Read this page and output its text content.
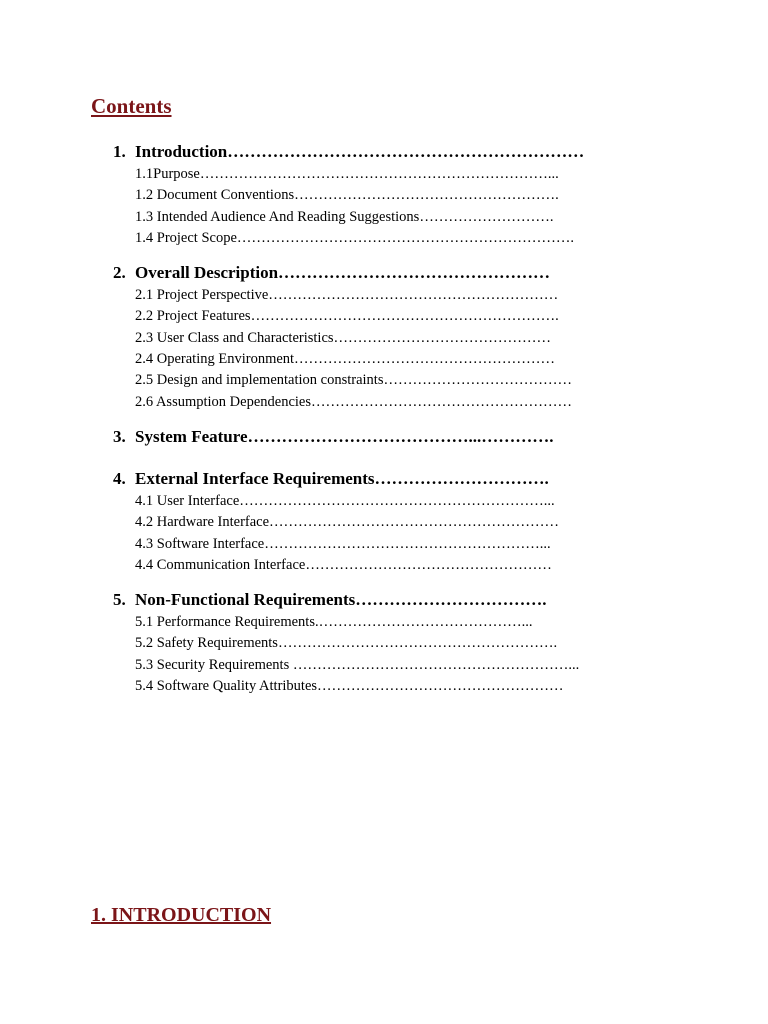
Contents
1. Introduction………………………………………………………
1.1Purpose………………………………………………………………...
1.2 Document Conventions……………………………………………….
1.3 Intended Audience And Reading Suggestions……………………….
1.4 Project Scope…………………………………………………………….
2. Overall Description…………………………………………
2.1 Project Perspective……………………………………………………
2.2 Project Features……………………………………………………….
2.3 User Class and Characteristics………………………………………
2.4 Operating Environment………………………………………………
2.5 Design and implementation constraints…………………………………
2.6 Assumption Dependencies………………………………………………
3. System Feature…………………………………...………….
4. External Interface Requirements………………………….
4.1 User Interface………………………………………………………...
4.2 Hardware Interface……………………………………………………
4.3 Software Interface…………………………………………………...
4.4 Communication Interface……………………………………………
5. Non-Functional Requirements…………………………….
5.1 Performance Requirements.……………………………………...
5.2 Safety Requirements………………………………………………….
5.3 Security Requirements …………………………………………………...
5.4 Software Quality Attributes……………………………………………
1. INTRODUCTION
